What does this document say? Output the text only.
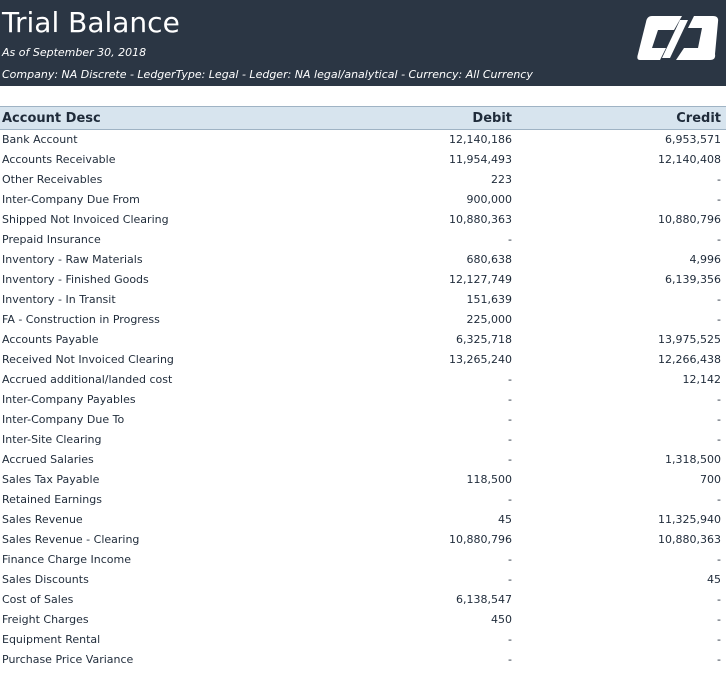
Trial Balance
As of September 30, 2018
Company: NA Discrete - LedgerType: Legal - Ledger: NA legal/analytical - Currency: All Currency
Account Desc	Debit	Credit
Bank Account	12,140,186	6,953,571
Accounts Receivable	11,954,493	12,140,408
Other Receivables	223	-
Inter-Company Due From	900,000	-
Shipped Not Invoiced Clearing	10,880,363	10,880,796
Prepaid Insurance	-	-
Inventory - Raw Materials	680,638	4,996
Inventory - Finished Goods	12,127,749	6,139,356
Inventory - In Transit	151,639	-
FA - Construction in Progress	225,000	-
Accounts Payable	6,325,718	13,975,525
Received Not Invoiced Clearing	13,265,240	12,266,438
Accrued additional/landed cost	-	12,142
Inter-Company Payables	-	-
Inter-Company Due To	-	-
Inter-Site Clearing	-	-
Accrued Salaries	-	1,318,500
Sales Tax Payable	118,500	700
Retained Earnings	-	-
Sales Revenue	45	11,325,940
Sales Revenue - Clearing	10,880,796	10,880,363
Finance Charge Income	-	-
Sales Discounts	-	45
Cost of Sales	6,138,547	-
Freight Charges	450	-
Equipment Rental	-	-
Purchase Price Variance	-	-
